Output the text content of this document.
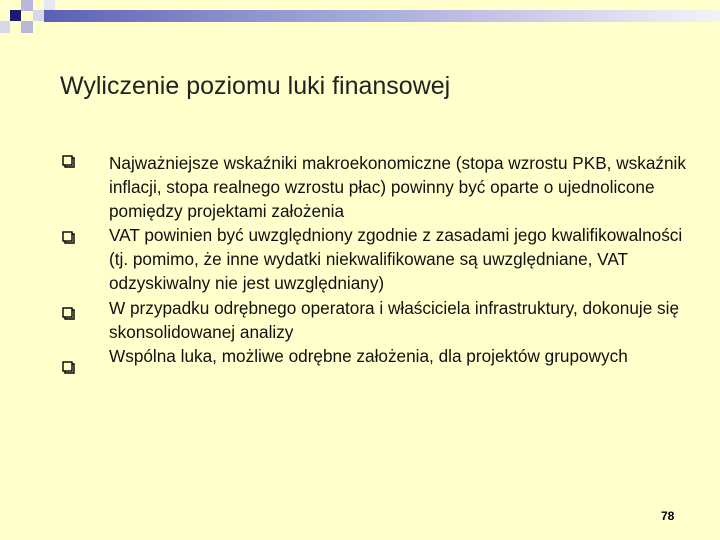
Wyliczenie poziomu luki finansowej
Najważniejsze wskaźniki makroekonomiczne (stopa wzrostu PKB, wskaźnik inflacji, stopa realnego wzrostu płac) powinny być oparte o ujednolicone pomiędzy projektami założenia
VAT powinien być uwzględniony zgodnie z zasadami jego kwalifikowalności (tj. pomimo, że inne wydatki niekwalifikowane są uwzględniane, VAT odzyskiwalny nie jest uwzględniany)
W przypadku odrębnego operatora i właściciela infrastruktury, dokonuje się skonsolidowanej analizy
Wspólna luka, możliwe odrębne założenia, dla projektów grupowych
78
